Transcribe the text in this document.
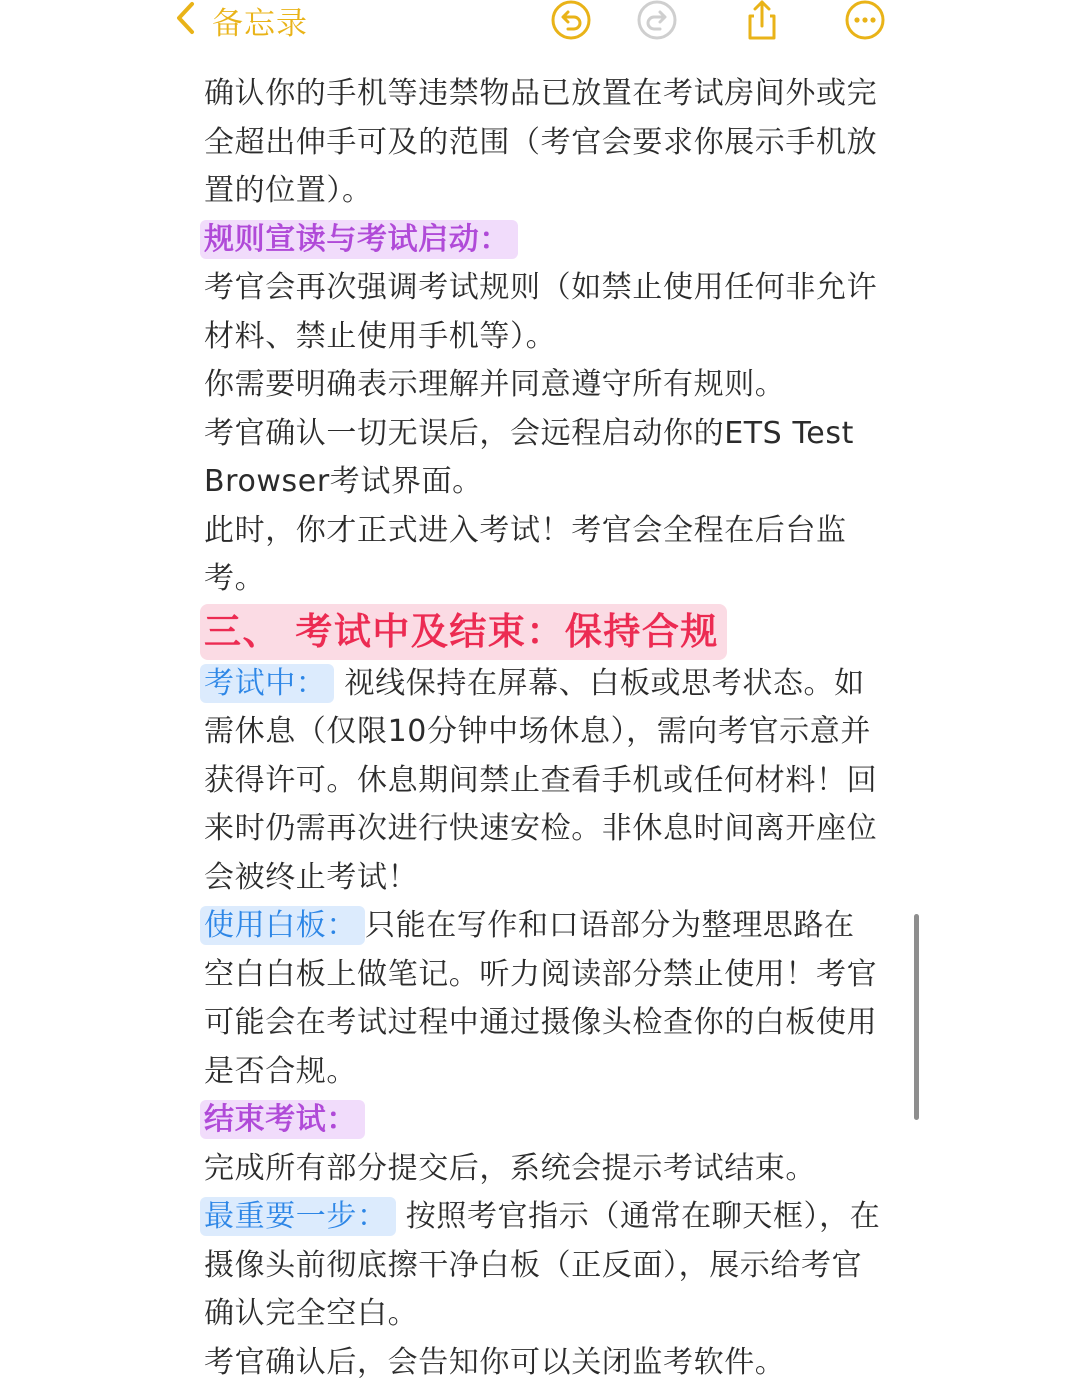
备忘录

确认你的手机等违禁物品已放置在考试房间外或完全超出伸手可及的范围（考官会要求你展示手机放置的位置）。

规则宣读与考试启动：

考官会再次强调考试规则（如禁止使用任何非允许材料、禁止使用手机等）。

你需要明确表示理解并同意遵守所有规则。

考官确认一切无误后，会远程启动你的ETS Test Browser考试界面。

此时，你才正式进入考试！考官会全程在后台监考。

三、 考试中及结束：保持合规

考试中： 视线保持在屏幕、白板或思考状态。如需休息（仅限10分钟中场休息），需向考官示意并获得许可。休息期间禁止查看手机或任何材料！回来时仍需再次进行快速安检。非休息时间离开座位会被终止考试！

使用白板： 只能在写作和口语部分为整理思路在空白白板上做笔记。听力阅读部分禁止使用！考官可能会在考试过程中通过摄像头检查你的白板使用是否合规。

结束考试：

完成所有部分提交后，系统会提示考试结束。

最重要一步： 按照考官指示（通常在聊天框），在摄像头前彻底擦干净白板（正反面），展示给考官确认完全空白。

考官确认后，会告知你可以关闭监考软件。
